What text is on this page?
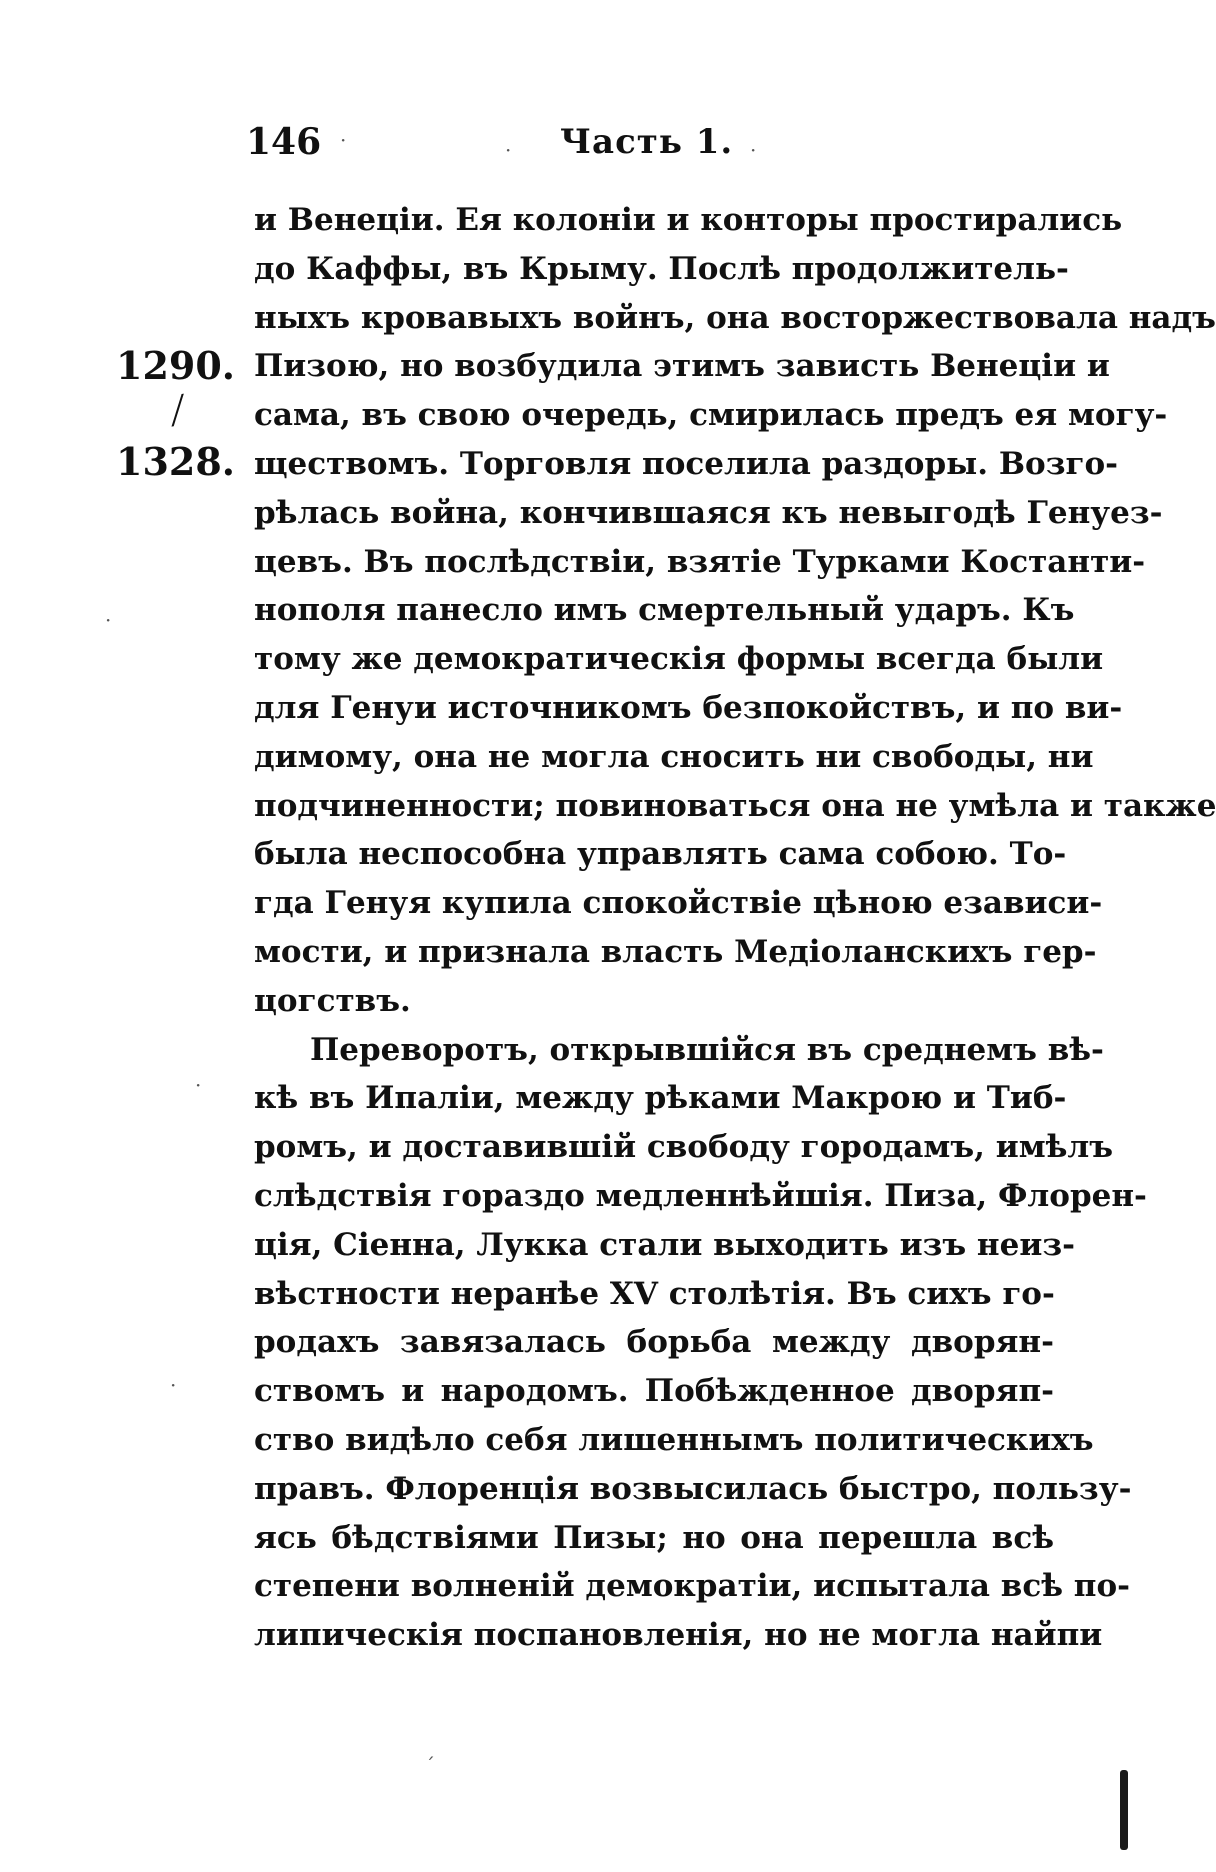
146	Часть 1.
1290.
╱
1328.
и Венеціи. Ея колоніи и конторы простирались
до Каффы, въ Крыму. Послѣ продолжитель-
ныхъ кровавыхъ войнъ, она восторжествовала надъ
Пизою, но возбудила этимъ зависть Венеціи и
сама, въ свою очередь, смирилась предъ ея могу-
ществомъ. Торговля поселила раздоры. Возго-
рѣлась война, кончившаяся къ невыгодѣ Генуез-
цевъ. Въ послѣдствіи, взятіе Турками Костанти-
нополя панесло имъ смертельный ударъ. Къ
тому же демократическія формы всегда были
для Генуи источникомъ безпокойствъ, и по ви-
димому, она не могла сносить ни свободы, ни
подчиненности; повиноваться она не умѣла и также
была неспособна управлять сама собою. То-
гда Генуя купила спокойствіе цѣною езависи-
мости, и признала власть Медіоланскихъ гер-
цогствъ.
Переворотъ, открывшійся въ среднемъ вѣ-
кѣ въ Ипаліи, между рѣками Макрою и Тиб-
ромъ, и доставившій свободу городамъ, имѣлъ
слѣдствія гораздо медленнѣйшія. Пиза, Флорен-
ція, Сіенна, Лукка стали выходить изъ неиз-
вѣстности неранѣе XV столѣтія. Въ сихъ го-
родахъ завязалась борьба между дворян-
ствомъ и народомъ. Побѣжденное дворяп-
ство видѣло себя лишеннымъ политическихъ
правъ. Флоренція возвысилась быстро, пользу-
ясь бѣдствіями Пизы; но она перешла всѣ
степени волненій демократіи, испытала всѣ по-
липическія поспановленія, но не могла найпи
·	·	·
·
·
·
ˊ
